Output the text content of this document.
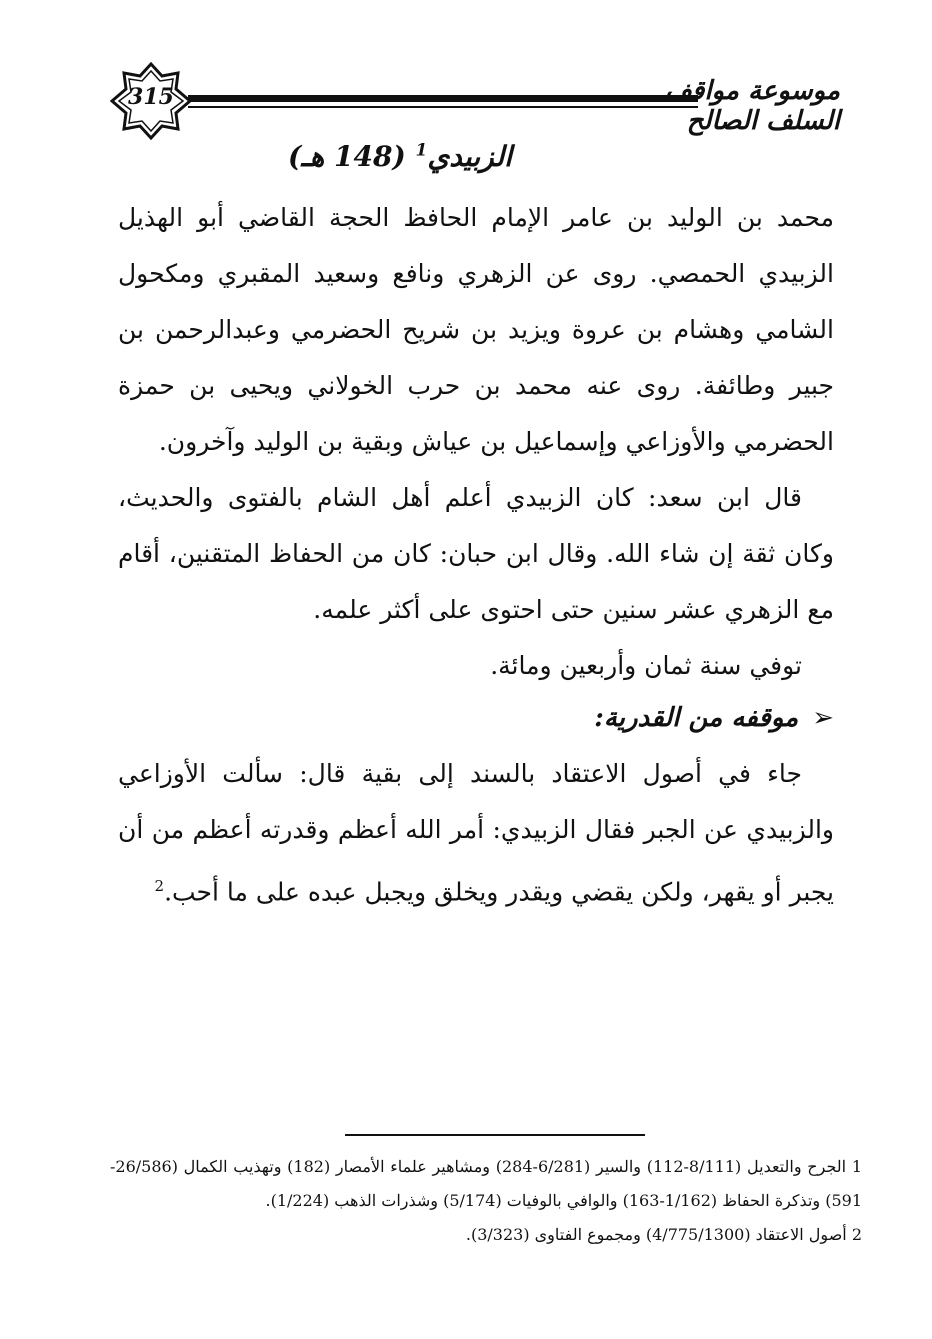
315	موسوعة مواقف السلف الصالح
الزبيدي$^1$ (148 هـ)
محمد بن الوليد بن عامر الإمام الحافظ الحجة القاضي أبو الهذيل الزبيدي الحمصي. روى عن الزهري ونافع وسعيد المقبري ومكحول الشامي وهشام بن عروة ويزيد بن شريح الحضرمي وعبدالرحمن بن جبير وطائفة. روى عنه محمد بن حرب الخولاني ويحيى بن حمزة الحضرمي والأوزاعي وإسماعيل بن عياش وبقية بن الوليد وآخرون.
قال ابن سعد: كان الزبيدي أعلم أهل الشام بالفتوى والحديث، وكان ثقة إن شاء الله. وقال ابن حبان: كان من الحفاظ المتقنين، أقام مع الزهري عشر سنين حتى احتوى على أكثر علمه.
توفي سنة ثمان وأربعين ومائة.
➢موقفه من القدرية:
جاء في أصول الاعتقاد بالسند إلى بقية قال: سألت الأوزاعي والزبيدي عن الجبر فقال الزبيدي: أمر الله أعظم وقدرته أعظم من أن يجبر أو يقهر، ولكن يقضي ويقدر ويخلق ويجبل عبده على ما أحب.$^2$

1 الجرح والتعديل (8/111-112) والسير (6/281-284) ومشاهير علماء الأمصار (182) وتهذيب الكمال (26/586-591) وتذكرة الحفاظ (1/162-163) والوافي بالوفيات (5/174) وشذرات الذهب (1/224).

2 أصول الاعتقاد (4/775/1300) ومجموع الفتاوى (3/323).
